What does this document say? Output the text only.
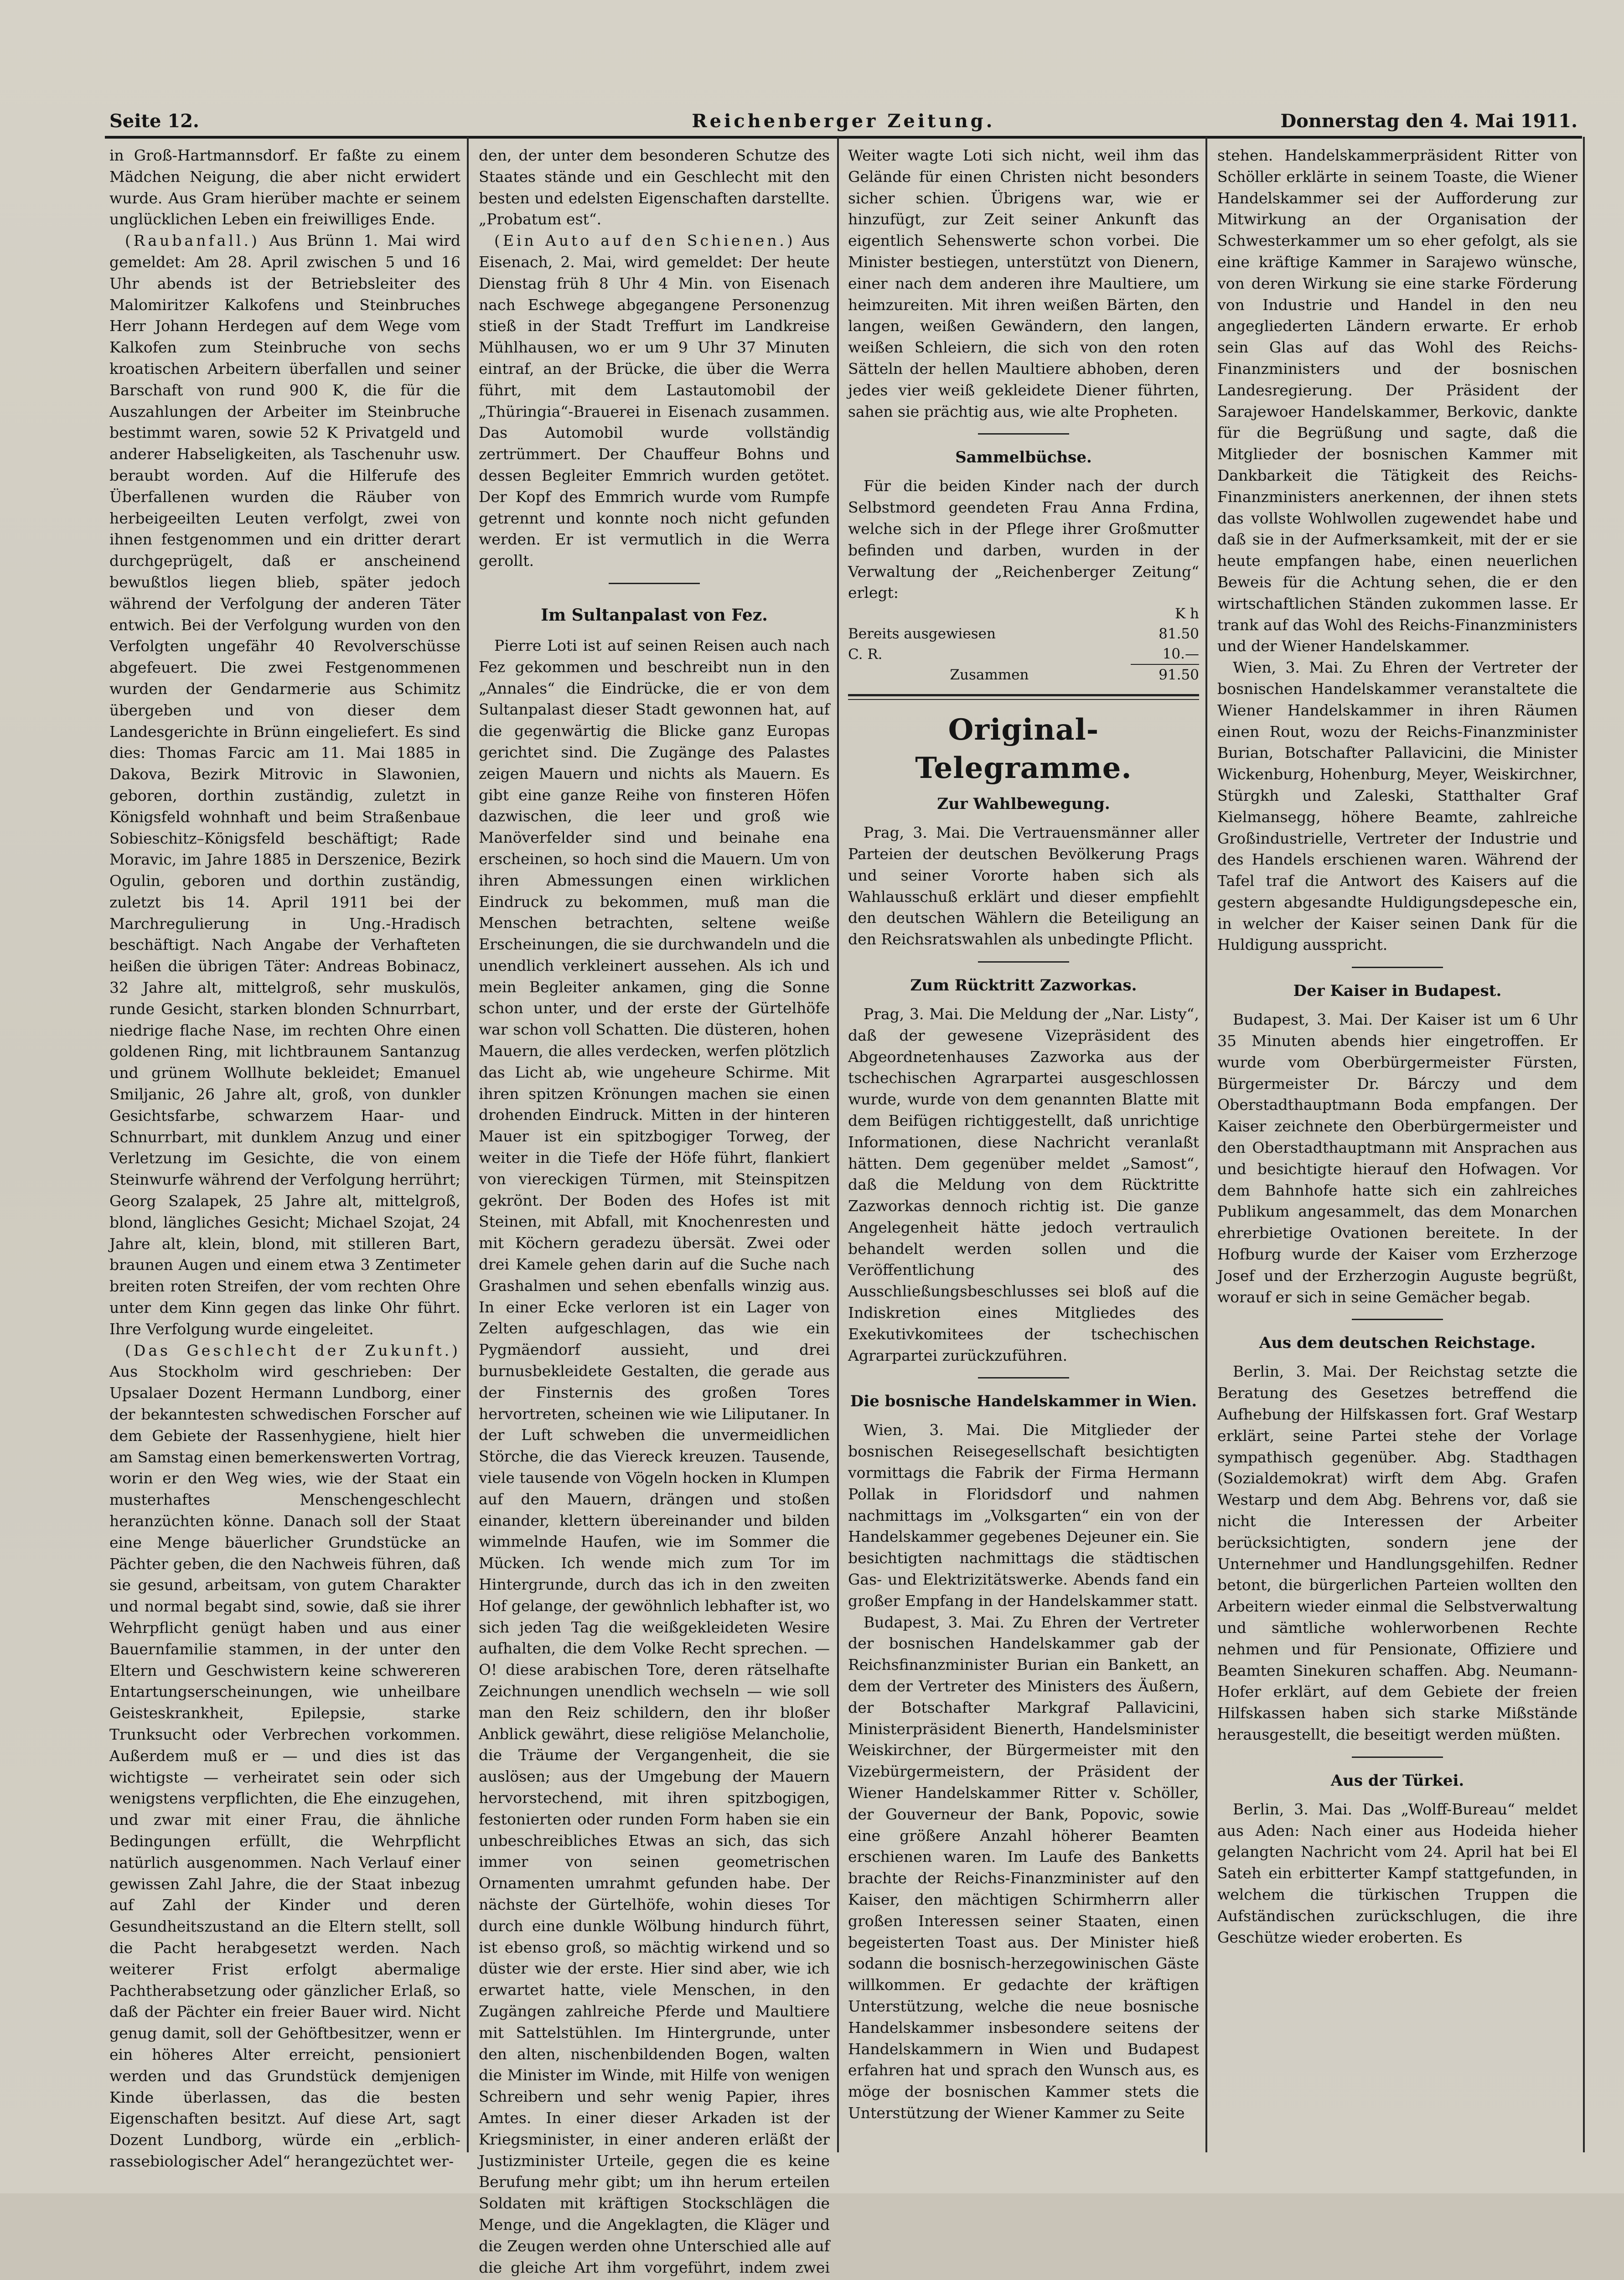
Seite 12.	Reichenberger Zeitung.	Donnerstag den 4. Mai 1911.

in Groß-Hartmannsdorf. Er faßte zu einem Mädchen Neigung, die aber nicht erwidert wurde. Aus Gram hierüber machte er seinem unglücklichen Leben ein freiwilliges Ende.

(Raubanfall.) Aus Brünn 1. Mai wird gemeldet: Am 28. April zwischen 5 und 16 Uhr abends ist der Betriebsleiter des Malomiritzer Kalkofens und Steinbruches Herr Johann Herdegen auf dem Wege vom Kalkofen zum Steinbruche von sechs kroatischen Arbeitern überfallen und seiner Barschaft von rund 900 K, die für die Auszahlungen der Arbeiter im Steinbruche bestimmt waren, sowie 52 K Privatgeld und anderer Habseligkeiten, als Taschenuhr usw. beraubt worden. Auf die Hilferufe des Überfallenen wurden die Räuber von herbeigeeilten Leuten verfolgt, zwei von ihnen festgenommen und ein dritter derart durchgeprügelt, daß er anscheinend bewußtlos liegen blieb, später jedoch während der Verfolgung der anderen Täter entwich. Bei der Verfolgung wurden von den Verfolgten ungefähr 40 Revolverschüsse abgefeuert. Die zwei Festgenommenen wurden der Gendarmerie aus Schimitz übergeben und von dieser dem Landesgerichte in Brünn eingeliefert. Es sind dies: Thomas Farcic am 11. Mai 1885 in Dakova, Bezirk Mitrovic in Slawonien, geboren, dorthin zuständig, zuletzt in Königsfeld wohnhaft und beim Straßenbaue Sobieschitz–Königsfeld beschäftigt; Rade Moravic, im Jahre 1885 in Derszenice, Bezirk Ogulin, geboren und dorthin zuständig, zuletzt bis 14. April 1911 bei der Marchregulierung in Ung.-Hradisch beschäftigt. Nach Angabe der Verhafteten heißen die übrigen Täter: Andreas Bobinacz, 32 Jahre alt, mittelgroß, sehr muskulös, runde Gesicht, starken blonden Schnurrbart, niedrige flache Nase, im rechten Ohre einen goldenen Ring, mit lichtbraunem Santanzug und grünem Wollhute bekleidet; Emanuel Smiljanic, 26 Jahre alt, groß, von dunkler Gesichtsfarbe, schwarzem Haar- und Schnurrbart, mit dunklem Anzug und einer Verletzung im Gesichte, die von einem Steinwurfe während der Verfolgung herrührt; Georg Szalapek, 25 Jahre alt, mittelgroß, blond, längliches Gesicht; Michael Szojat, 24 Jahre alt, klein, blond, mit stilleren Bart, braunen Augen und einem etwa 3 Zentimeter breiten roten Streifen, der vom rechten Ohre unter dem Kinn gegen das linke Ohr führt. Ihre Verfolgung wurde eingeleitet.

(Das Geschlecht der Zukunft.) Aus Stockholm wird geschrieben: Der Upsalaer Dozent Hermann Lundborg, einer der bekanntesten schwedischen Forscher auf dem Gebiete der Rassenhygiene, hielt hier am Samstag einen bemerkenswerten Vortrag, worin er den Weg wies, wie der Staat ein musterhaftes Menschengeschlecht heranzüchten könne. Danach soll der Staat eine Menge bäuerlicher Grundstücke an Pächter geben, die den Nachweis führen, daß sie gesund, arbeitsam, von gutem Charakter und normal begabt sind, sowie, daß sie ihrer Wehrpflicht genügt haben und aus einer Bauernfamilie stammen, in der unter den Eltern und Geschwistern keine schwereren Entartungserscheinungen, wie unheilbare Geisteskrankheit, Epilepsie, starke Trunksucht oder Verbrechen vorkommen. Außerdem muß er — und dies ist das wichtigste — verheiratet sein oder sich wenigstens verpflichten, die Ehe einzugehen, und zwar mit einer Frau, die ähnliche Bedingungen erfüllt, die Wehrpflicht natürlich ausgenommen. Nach Verlauf einer gewissen Zahl Jahre, die der Staat inbezug auf Zahl der Kinder und deren Gesundheitszustand an die Eltern stellt, soll die Pacht herabgesetzt werden. Nach weiterer Frist erfolgt abermalige Pachtherabsetzung oder gänzlicher Erlaß, so daß der Pächter ein freier Bauer wird. Nicht genug damit, soll der Gehöftbesitzer, wenn er ein höheres Alter erreicht, pensioniert werden und das Grundstück demjenigen Kinde überlassen, das die besten Eigenschaften besitzt. Auf diese Art, sagt Dozent Lundborg, würde ein „erblich-rassebiologischer Adel“ herangezüchtet wer-

den, der unter dem besonderen Schutze des Staates stände und ein Geschlecht mit den besten und edelsten Eigenschaften darstellte. „Probatum est“.

(Ein Auto auf den Schienen.) Aus Eisenach, 2. Mai, wird gemeldet: Der heute Dienstag früh 8 Uhr 4 Min. von Eisenach nach Eschwege abgegangene Personenzug stieß in der Stadt Treffurt im Landkreise Mühlhausen, wo er um 9 Uhr 37 Minuten eintraf, an der Brücke, die über die Werra führt, mit dem Lastautomobil der „Thüringia“-Brauerei in Eisenach zusammen. Das Automobil wurde vollständig zertrümmert. Der Chauffeur Bohns und dessen Begleiter Emmrich wurden getötet. Der Kopf des Emmrich wurde vom Rumpfe getrennt und konnte noch nicht gefunden werden. Er ist vermutlich in die Werra gerollt.

Im Sultanpalast von Fez.

Pierre Loti ist auf seinen Reisen auch nach Fez gekommen und beschreibt nun in den „Annales“ die Eindrücke, die er von dem Sultanpalast dieser Stadt gewonnen hat, auf die gegenwärtig die Blicke ganz Europas gerichtet sind. Die Zugänge des Palastes zeigen Mauern und nichts als Mauern. Es gibt eine ganze Reihe von finsteren Höfen dazwischen, die leer und groß wie Manöverfelder sind und beinahe ena erscheinen, so hoch sind die Mauern. Um von ihren Abmessungen einen wirklichen Eindruck zu bekommen, muß man die Menschen betrachten, seltene weiße Erscheinungen, die sie durchwandeln und die unendlich verkleinert aussehen. Als ich und mein Begleiter ankamen, ging die Sonne schon unter, und der erste der Gürtelhöfe war schon voll Schatten. Die düsteren, hohen Mauern, die alles verdecken, werfen plötzlich das Licht ab, wie ungeheure Schirme. Mit ihren spitzen Krönungen machen sie einen drohenden Eindruck. Mitten in der hinteren Mauer ist ein spitzbogiger Torweg, der weiter in die Tiefe der Höfe führt, flankiert von viereckigen Türmen, mit Steinspitzen gekrönt. Der Boden des Hofes ist mit Steinen, mit Abfall, mit Knochenresten und mit Köchern geradezu übersät. Zwei oder drei Kamele gehen darin auf die Suche nach Grashalmen und sehen ebenfalls winzig aus. In einer Ecke verloren ist ein Lager von Zelten aufgeschlagen, das wie ein Pygmäendorf aussieht, und drei burnusbekleidete Gestalten, die gerade aus der Finsternis des großen Tores hervortreten, scheinen wie wie Liliputaner. In der Luft schweben die unvermeidlichen Störche, die das Viereck kreuzen. Tausende, viele tausende von Vögeln hocken in Klumpen auf den Mauern, drängen und stoßen einander, klettern übereinander und bilden wimmelnde Haufen, wie im Sommer die Mücken. Ich wende mich zum Tor im Hintergrunde, durch das ich in den zweiten Hof gelange, der gewöhnlich lebhafter ist, wo sich jeden Tag die weißgekleideten Wesire aufhalten, die dem Volke Recht sprechen. — O! diese arabischen Tore, deren rätselhafte Zeichnungen unendlich wechseln — wie soll man den Reiz schildern, den ihr bloßer Anblick gewährt, diese religiöse Melancholie, die Träume der Vergangenheit, die sie auslösen; aus der Umgebung der Mauern hervorstechend, mit ihren spitzbogigen, festonierten oder runden Form haben sie ein unbeschreibliches Etwas an sich, das sich immer von seinen geometrischen Ornamenten umrahmt gefunden habe. Der nächste der Gürtelhöfe, wohin dieses Tor durch eine dunkle Wölbung hindurch führt, ist ebenso groß, so mächtig wirkend und so düster wie der erste. Hier sind aber, wie ich erwartet hatte, viele Menschen, in den Zugängen zahlreiche Pferde und Maultiere mit Sattelstühlen. Im Hintergrunde, unter den alten, nischenbildenden Bogen, walten die Minister im Winde, mit Hilfe von wenigen Schreibern und sehr wenig Papier, ihres Amtes. In einer dieser Arkaden ist der Kriegsminister, in einer anderen erläßt der Justizminister Urteile, gegen die es keine Berufung mehr gibt; um ihn herum erteilen Soldaten mit kräftigen Stockschlägen die Menge, und die Angeklagten, die Kläger und die Zeugen werden ohne Unterschied alle auf die gleiche Art ihm vorgeführt, indem zwei

Weiter wagte Loti sich nicht, weil ihm das Gelände für einen Christen nicht besonders sicher schien. Übrigens war, wie er hinzufügt, zur Zeit seiner Ankunft das eigentlich Sehenswerte schon vorbei. Die Minister bestiegen, unterstützt von Dienern, einer nach dem anderen ihre Maultiere, um heimzureiten. Mit ihren weißen Bärten, den langen, weißen Gewändern, den langen, weißen Schleiern, die sich von den roten Sätteln der hellen Maultiere abhoben, deren jedes vier weiß gekleidete Diener führten, sahen sie prächtig aus, wie alte Propheten.

Sammelbüchse.

Für die beiden Kinder nach der durch Selbstmord geendeten Frau Anna Frdina, welche sich in der Pflege ihrer Großmutter befinden und darben, wurden in der Verwaltung der „Reichenberger Zeitung“ erlegt:

K h
Bereits ausgewiesen	81.50
C. R.	10.—
Zusammen	91.50
Original-Telegramme.
Zur Wahlbewegung.

Prag, 3. Mai. Die Vertrauensmänner aller Parteien der deutschen Bevölkerung Prags und seiner Vororte haben sich als Wahlausschuß erklärt und dieser empfiehlt den deutschen Wählern die Beteiligung an den Reichsratswahlen als unbedingte Pflicht.

Zum Rücktritt Zazworkas.

Prag, 3. Mai. Die Meldung der „Nar. Listy“, daß der gewesene Vizepräsident des Abgeordnetenhauses Zazworka aus der tschechischen Agrarpartei ausgeschlossen wurde, wurde von dem genannten Blatte mit dem Beifügen richtiggestellt, daß unrichtige Informationen, diese Nachricht veranlaßt hätten. Dem gegenüber meldet „Samost“, daß die Meldung von dem Rücktritte Zazworkas dennoch richtig ist. Die ganze Angelegenheit hätte jedoch vertraulich behandelt werden sollen und die Veröffentlichung des Ausschließungsbeschlusses sei bloß auf die Indiskretion eines Mitgliedes des Exekutivkomitees der tschechischen Agrarpartei zurückzuführen.

Die bosnische Handelskammer in Wien.

Wien, 3. Mai. Die Mitglieder der bosnischen Reisegesellschaft besichtigten vormittags die Fabrik der Firma Hermann Pollak in Floridsdorf und nahmen nachmittags im „Volksgarten“ ein von der Handelskammer gegebenes Dejeuner ein. Sie besichtigten nachmittags die städtischen Gas- und Elektrizitätswerke. Abends fand ein großer Empfang in der Handelskammer statt.

Budapest, 3. Mai. Zu Ehren der Vertreter der bosnischen Handelskammer gab der Reichsfinanzminister Burian ein Bankett, an dem der Vertreter des Ministers des Äußern, der Botschafter Markgraf Pallavicini, Ministerpräsident Bienerth, Handelsminister Weiskirchner, der Bürgermeister mit den Vizebürgermeistern, der Präsident der Wiener Handelskammer Ritter v. Schöller, der Gouverneur der Bank, Popovic, sowie eine größere Anzahl höherer Beamten erschienen waren. Im Laufe des Banketts brachte der Reichs-Finanzminister auf den Kaiser, den mächtigen Schirmherrn aller großen Interessen seiner Staaten, einen begeisterten Toast aus. Der Minister hieß sodann die bosnisch-herzegowinischen Gäste willkommen. Er gedachte der kräftigen Unterstützung, welche die neue bosnische Handelskammer insbesondere seitens der Handelskammern in Wien und Budapest erfahren hat und sprach den Wunsch aus, es möge der bosnischen Kammer stets die Unterstützung der Wiener Kammer zu Seite

stehen. Handelskammerpräsident Ritter von Schöller erklärte in seinem Toaste, die Wiener Handelskammer sei der Aufforderung zur Mitwirkung an der Organisation der Schwesterkammer um so eher gefolgt, als sie eine kräftige Kammer in Sarajewo wünsche, von deren Wirkung sie eine starke Förderung von Industrie und Handel in den neu angegliederten Ländern erwarte. Er erhob sein Glas auf das Wohl des Reichs-Finanzministers und der bosnischen Landesregierung. Der Präsident der Sarajewoer Handelskammer, Berkovic, dankte für die Begrüßung und sagte, daß die Mitglieder der bosnischen Kammer mit Dankbarkeit die Tätigkeit des Reichs-Finanzministers anerkennen, der ihnen stets das vollste Wohlwollen zugewendet habe und daß sie in der Aufmerksamkeit, mit der er sie heute empfangen habe, einen neuerlichen Beweis für die Achtung sehen, die er den wirtschaftlichen Ständen zukommen lasse. Er trank auf das Wohl des Reichs-Finanzministers und der Wiener Handelskammer.

Wien, 3. Mai. Zu Ehren der Vertreter der bosnischen Handelskammer veranstaltete die Wiener Handelskammer in ihren Räumen einen Rout, wozu der Reichs-Finanzminister Burian, Botschafter Pallavicini, die Minister Wickenburg, Hohenburg, Meyer, Weiskirchner, Stürgkh und Zaleski, Statthalter Graf Kielmansegg, höhere Beamte, zahlreiche Großindustrielle, Vertreter der Industrie und des Handels erschienen waren. Während der Tafel traf die Antwort des Kaisers auf die gestern abgesandte Huldigungsdepesche ein, in welcher der Kaiser seinen Dank für die Huldigung ausspricht.

Der Kaiser in Budapest.

Budapest, 3. Mai. Der Kaiser ist um 6 Uhr 35 Minuten abends hier eingetroffen. Er wurde vom Oberbürgermeister Fürsten, Bürgermeister Dr. Bárczy und dem Oberstadthauptmann Boda empfangen. Der Kaiser zeichnete den Oberbürgermeister und den Oberstadthauptmann mit Ansprachen aus und besichtigte hierauf den Hofwagen. Vor dem Bahnhofe hatte sich ein zahlreiches Publikum angesammelt, das dem Monarchen ehrerbietige Ovationen bereitete. In der Hofburg wurde der Kaiser vom Erzherzoge Josef und der Erzherzogin Auguste begrüßt, worauf er sich in seine Gemächer begab.

Aus dem deutschen Reichstage.

Berlin, 3. Mai. Der Reichstag setzte die Beratung des Gesetzes betreffend die Aufhebung der Hilfskassen fort. Graf Westarp erklärt, seine Partei stehe der Vorlage sympathisch gegenüber. Abg. Stadthagen (Sozialdemokrat) wirft dem Abg. Grafen Westarp und dem Abg. Behrens vor, daß sie nicht die Interessen der Arbeiter berücksichtigten, sondern jene der Unternehmer und Handlungsgehilfen. Redner betont, die bürgerlichen Parteien wollten den Arbeitern wieder einmal die Selbstverwaltung und sämtliche wohlerworbenen Rechte nehmen und für Pensionate, Offiziere und Beamten Sinekuren schaffen. Abg. Neumann-Hofer erklärt, auf dem Gebiete der freien Hilfskassen haben sich starke Mißstände herausgestellt, die beseitigt werden müßten.

Aus der Türkei.

Berlin, 3. Mai. Das „Wolff-Bureau“ meldet aus Aden: Nach einer aus Hodeida hieher gelangten Nachricht vom 24. April hat bei El Sateh ein erbitterter Kampf stattgefunden, in welchem die türkischen Truppen die Aufständischen zurückschlugen, die ihre Geschütze wieder eroberten. Es
